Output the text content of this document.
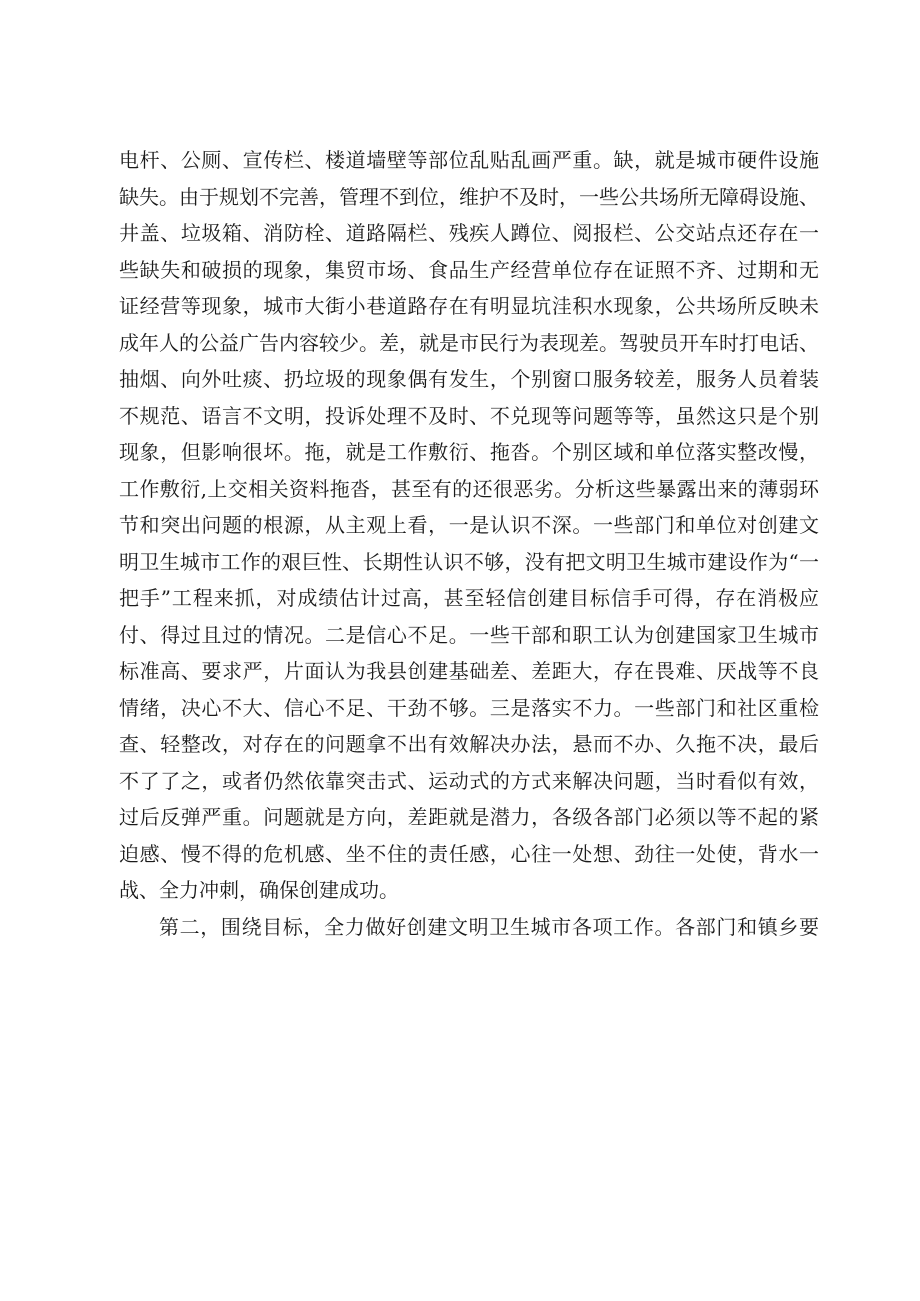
电杆、公厕、宣传栏、楼道墙壁等部位乱贴乱画严重。缺，就是城市硬件设施
缺失。由于规划不完善，管理不到位，维护不及时，一些公共场所无障碍设施、
井盖、垃圾箱、消防栓、道路隔栏、残疾人蹲位、阅报栏、公交站点还存在一
些缺失和破损的现象，集贸市场、食品生产经营单位存在证照不齐、过期和无
证经营等现象，城市大街小巷道路存在有明显坑洼积水现象，公共场所反映未
成年人的公益广告内容较少。差，就是市民行为表现差。驾驶员开车时打电话、
抽烟、向外吐痰、扔垃圾的现象偶有发生，个别窗口服务较差，服务人员着装
不规范、语言不文明，投诉处理不及时、不兑现等问题等等，虽然这只是个别
现象，但影响很坏。拖，就是工作敷衍、拖沓。个别区域和单位落实整改慢，
工作敷衍,上交相关资料拖沓，甚至有的还很恶劣。分析这些暴露出来的薄弱环
节和突出问题的根源，从主观上看，一是认识不深。一些部门和单位对创建文
明卫生城市工作的艰巨性、长期性认识不够，没有把文明卫生城市建设作为“一
把手”工程来抓，对成绩估计过高，甚至轻信创建目标信手可得，存在消极应
付、得过且过的情况。二是信心不足。一些干部和职工认为创建国家卫生城市
标准高、要求严，片面认为我县创建基础差、差距大，存在畏难、厌战等不良
情绪，决心不大、信心不足、干劲不够。三是落实不力。一些部门和社区重检
查、轻整改，对存在的问题拿不出有效解决办法，悬而不办、久拖不决，最后
不了了之，或者仍然依靠突击式、运动式的方式来解决问题，当时看似有效，
过后反弹严重。问题就是方向，差距就是潜力，各级各部门必须以等不起的紧
迫感、慢不得的危机感、坐不住的责任感，心往一处想、劲往一处使，背水一
战、全力冲刺，确保创建成功。
第二，围绕目标，全力做好创建文明卫生城市各项工作。各部门和镇乡要
